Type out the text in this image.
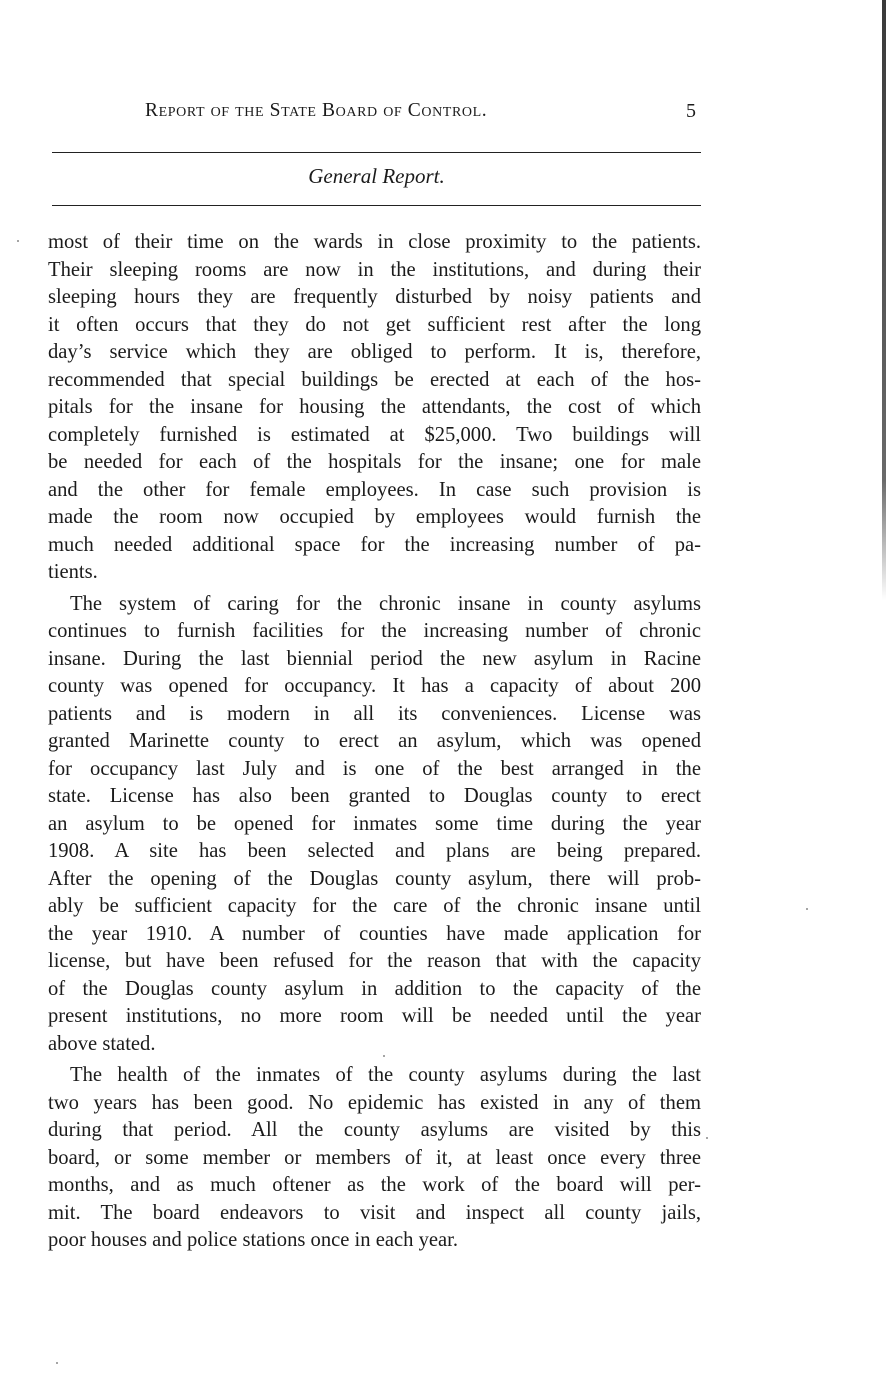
Report of the State Board of Control.	5
General Report.
most of their time on the wards in close proximity to the patients.
Their sleeping rooms are now in the institutions, and during their
sleeping hours they are frequently disturbed by noisy patients and
it often occurs that they do not get sufficient rest after the long
day’s service which they are obliged to perform. It is, therefore,
recommended that special buildings be erected at each of the hos-
pitals for the insane for housing the attendants, the cost of which
completely furnished is estimated at $25,000. Two buildings will
be needed for each of the hospitals for the insane; one for male
and the other for female employees. In case such provision is
made the room now occupied by employees would furnish the
much needed additional space for the increasing number of pa-
tients.
The system of caring for the chronic insane in county asylums
continues to furnish facilities for the increasing number of chronic
insane. During the last biennial period the new asylum in Racine
county was opened for occupancy. It has a capacity of about 200
patients and is modern in all its conveniences. License was
granted Marinette county to erect an asylum, which was opened
for occupancy last July and is one of the best arranged in the
state. License has also been granted to Douglas county to erect
an asylum to be opened for inmates some time during the year
1908. A site has been selected and plans are being prepared.
After the opening of the Douglas county asylum, there will prob-
ably be sufficient capacity for the care of the chronic insane until
the year 1910. A number of counties have made application for
license, but have been refused for the reason that with the capacity
of the Douglas county asylum in addition to the capacity of the
present institutions, no more room will be needed until the year
above stated.
The health of the inmates of the county asylums during the last
two years has been good. No epidemic has existed in any of them
during that period. All the county asylums are visited by this
board, or some member or members of it, at least once every three
months, and as much oftener as the work of the board will per-
mit. The board endeavors to visit and inspect all county jails,
poor houses and police stations once in each year.
